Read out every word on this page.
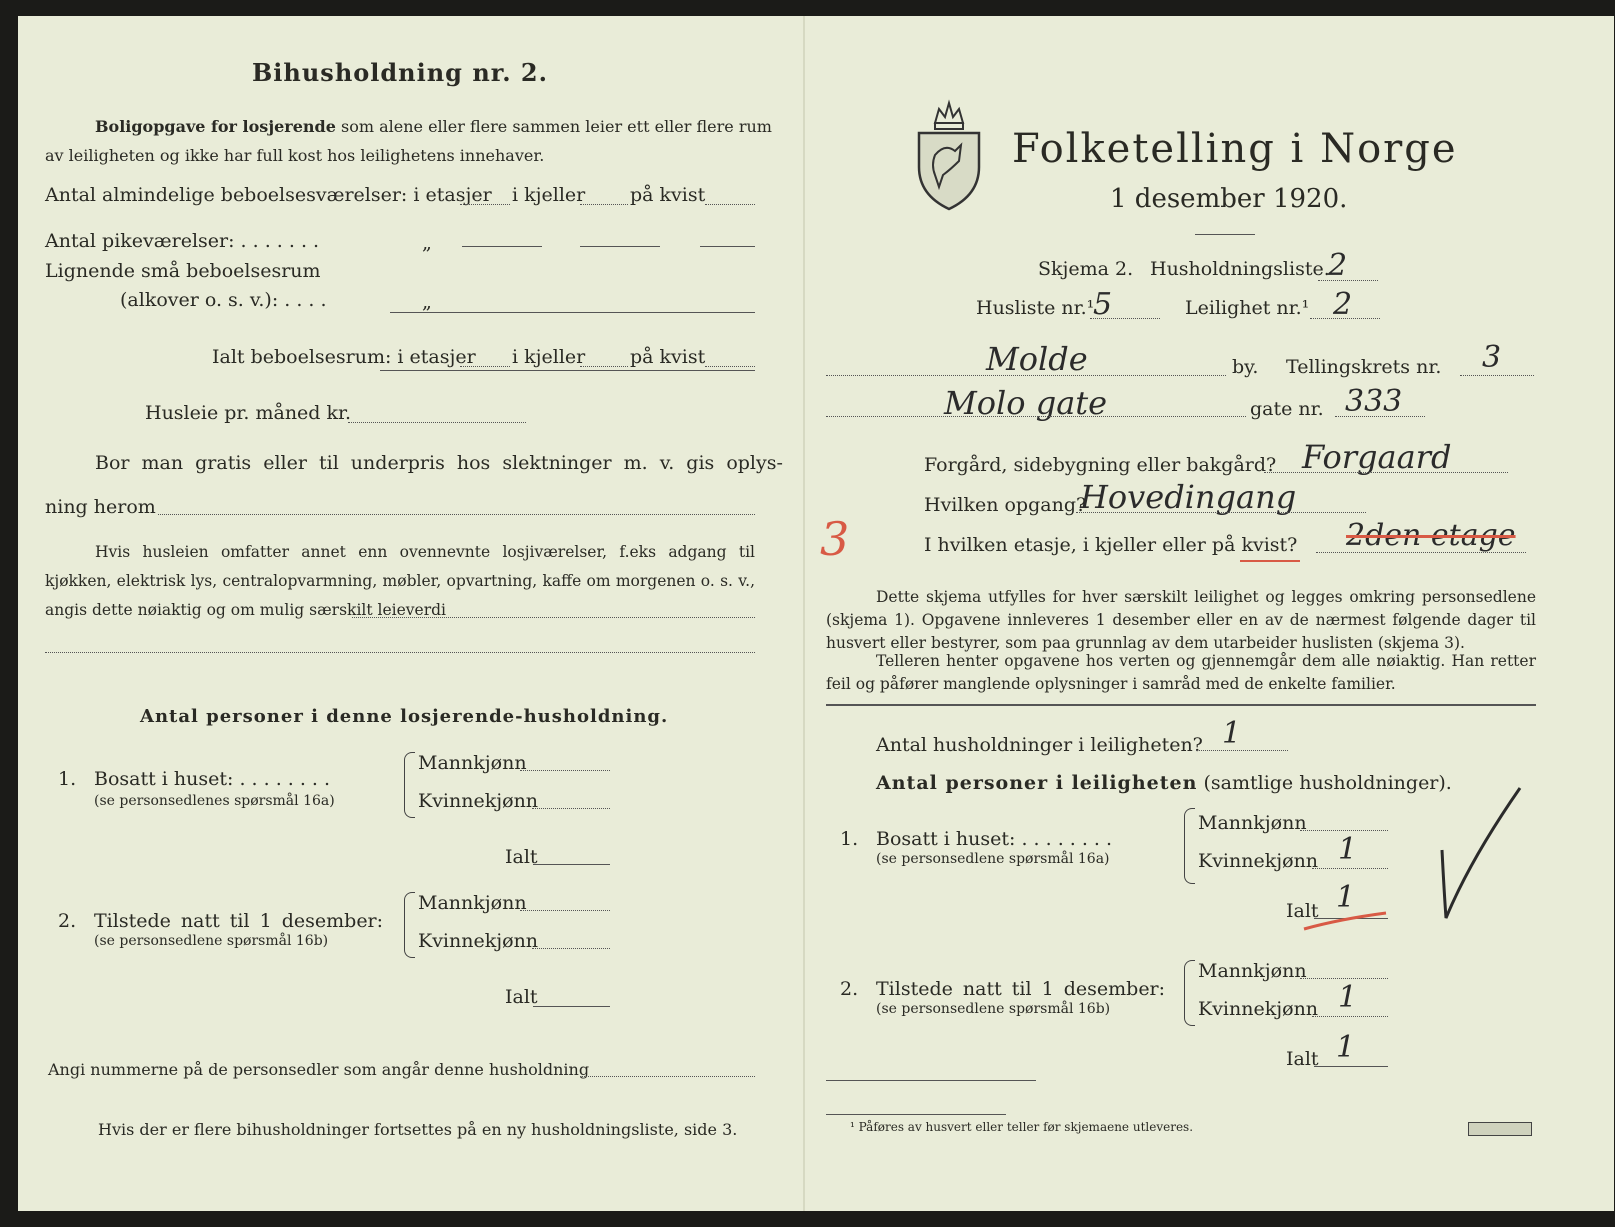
Bihusholdning nr. 2.
Boligopgave for losjerende som alene eller flere sammen leier ett eller flere rum
av leiligheten og ikke har full kost hos leilighetens innehaver.
Antal almindelige beboelsesværelser: i etasjer i kjeller på kvist
Antal pikeværelser: . . . . . . .	„
Lignende små beboelsesrum
(alkover o. s. v.): . . . .	„
Ialt beboelsesrum: i etasjer i kjeller på kvist
Husleie pr. måned kr.
Bor man gratis eller til underpris hos slektninger m. v. gis oplys-
ning herom
Hvis husleien omfatter annet enn ovennevnte losjiværelser, f.eks adgang til kjøkken, elektrisk lys, centralopvarmning, møbler, opvartning, kaffe om morgenen o. s. v., angis dette nøiaktig og om mulig særskilt leieverdi
Antal personer i denne losjerende-husholdning.
1. Bosatt i huset: . . . . . . . .
(se personsedlenes spørsmål 16a)
Mannkjønn
Kvinnekjønn
Ialt
2. Tilstede natt til 1 desember:
(se personsedlene spørsmål 16b)
Mannkjønn
Kvinnekjønn
Ialt
Angi nummerne på de personsedler som angår denne husholdning
Hvis der er flere bihusholdninger fortsettes på en ny husholdningsliste, side 3.
Folketelling i Norge
1 desember 1920.
Skjema 2. Husholdningsliste.
2
Husliste nr.¹
5	Leilighet nr.¹ 2
Molde	by. Tellingskrets nr. 3
Molo gate	gate nr. 333
Forgård, sidebygning eller bakgård? Forgaard
Hvilken opgang?
Hovedingang
3	I hvilken etasje, i kjeller eller på kvist? 2den etage
Dette skjema utfylles for hver særskilt leilighet og legges omkring personsedlene (skjema 1). Opgavene innleveres 1 desember eller en av de nærmest følgende dager til husvert eller bestyrer, som paa grunnlag av dem utarbeider huslisten (skjema 3).
Telleren henter opgavene hos verten og gjennemgår dem alle nøiaktig. Han retter feil og påfører manglende oplysninger i samråd med de enkelte familier.
Antal husholdninger i leiligheten? 1
Antal personer i leiligheten (samtlige husholdninger).
1. Bosatt i huset: . . . . . . . .
(se personsedlene spørsmål 16a)
Mannkjønn
Kvinnekjønn 1
Ialt 1
2. Tilstede natt til 1 desember:
(se personsedlene spørsmål 16b)
Mannkjønn
Kvinnekjønn 1
Ialt 1
¹ Påføres av husvert eller teller før skjemaene utleveres.
